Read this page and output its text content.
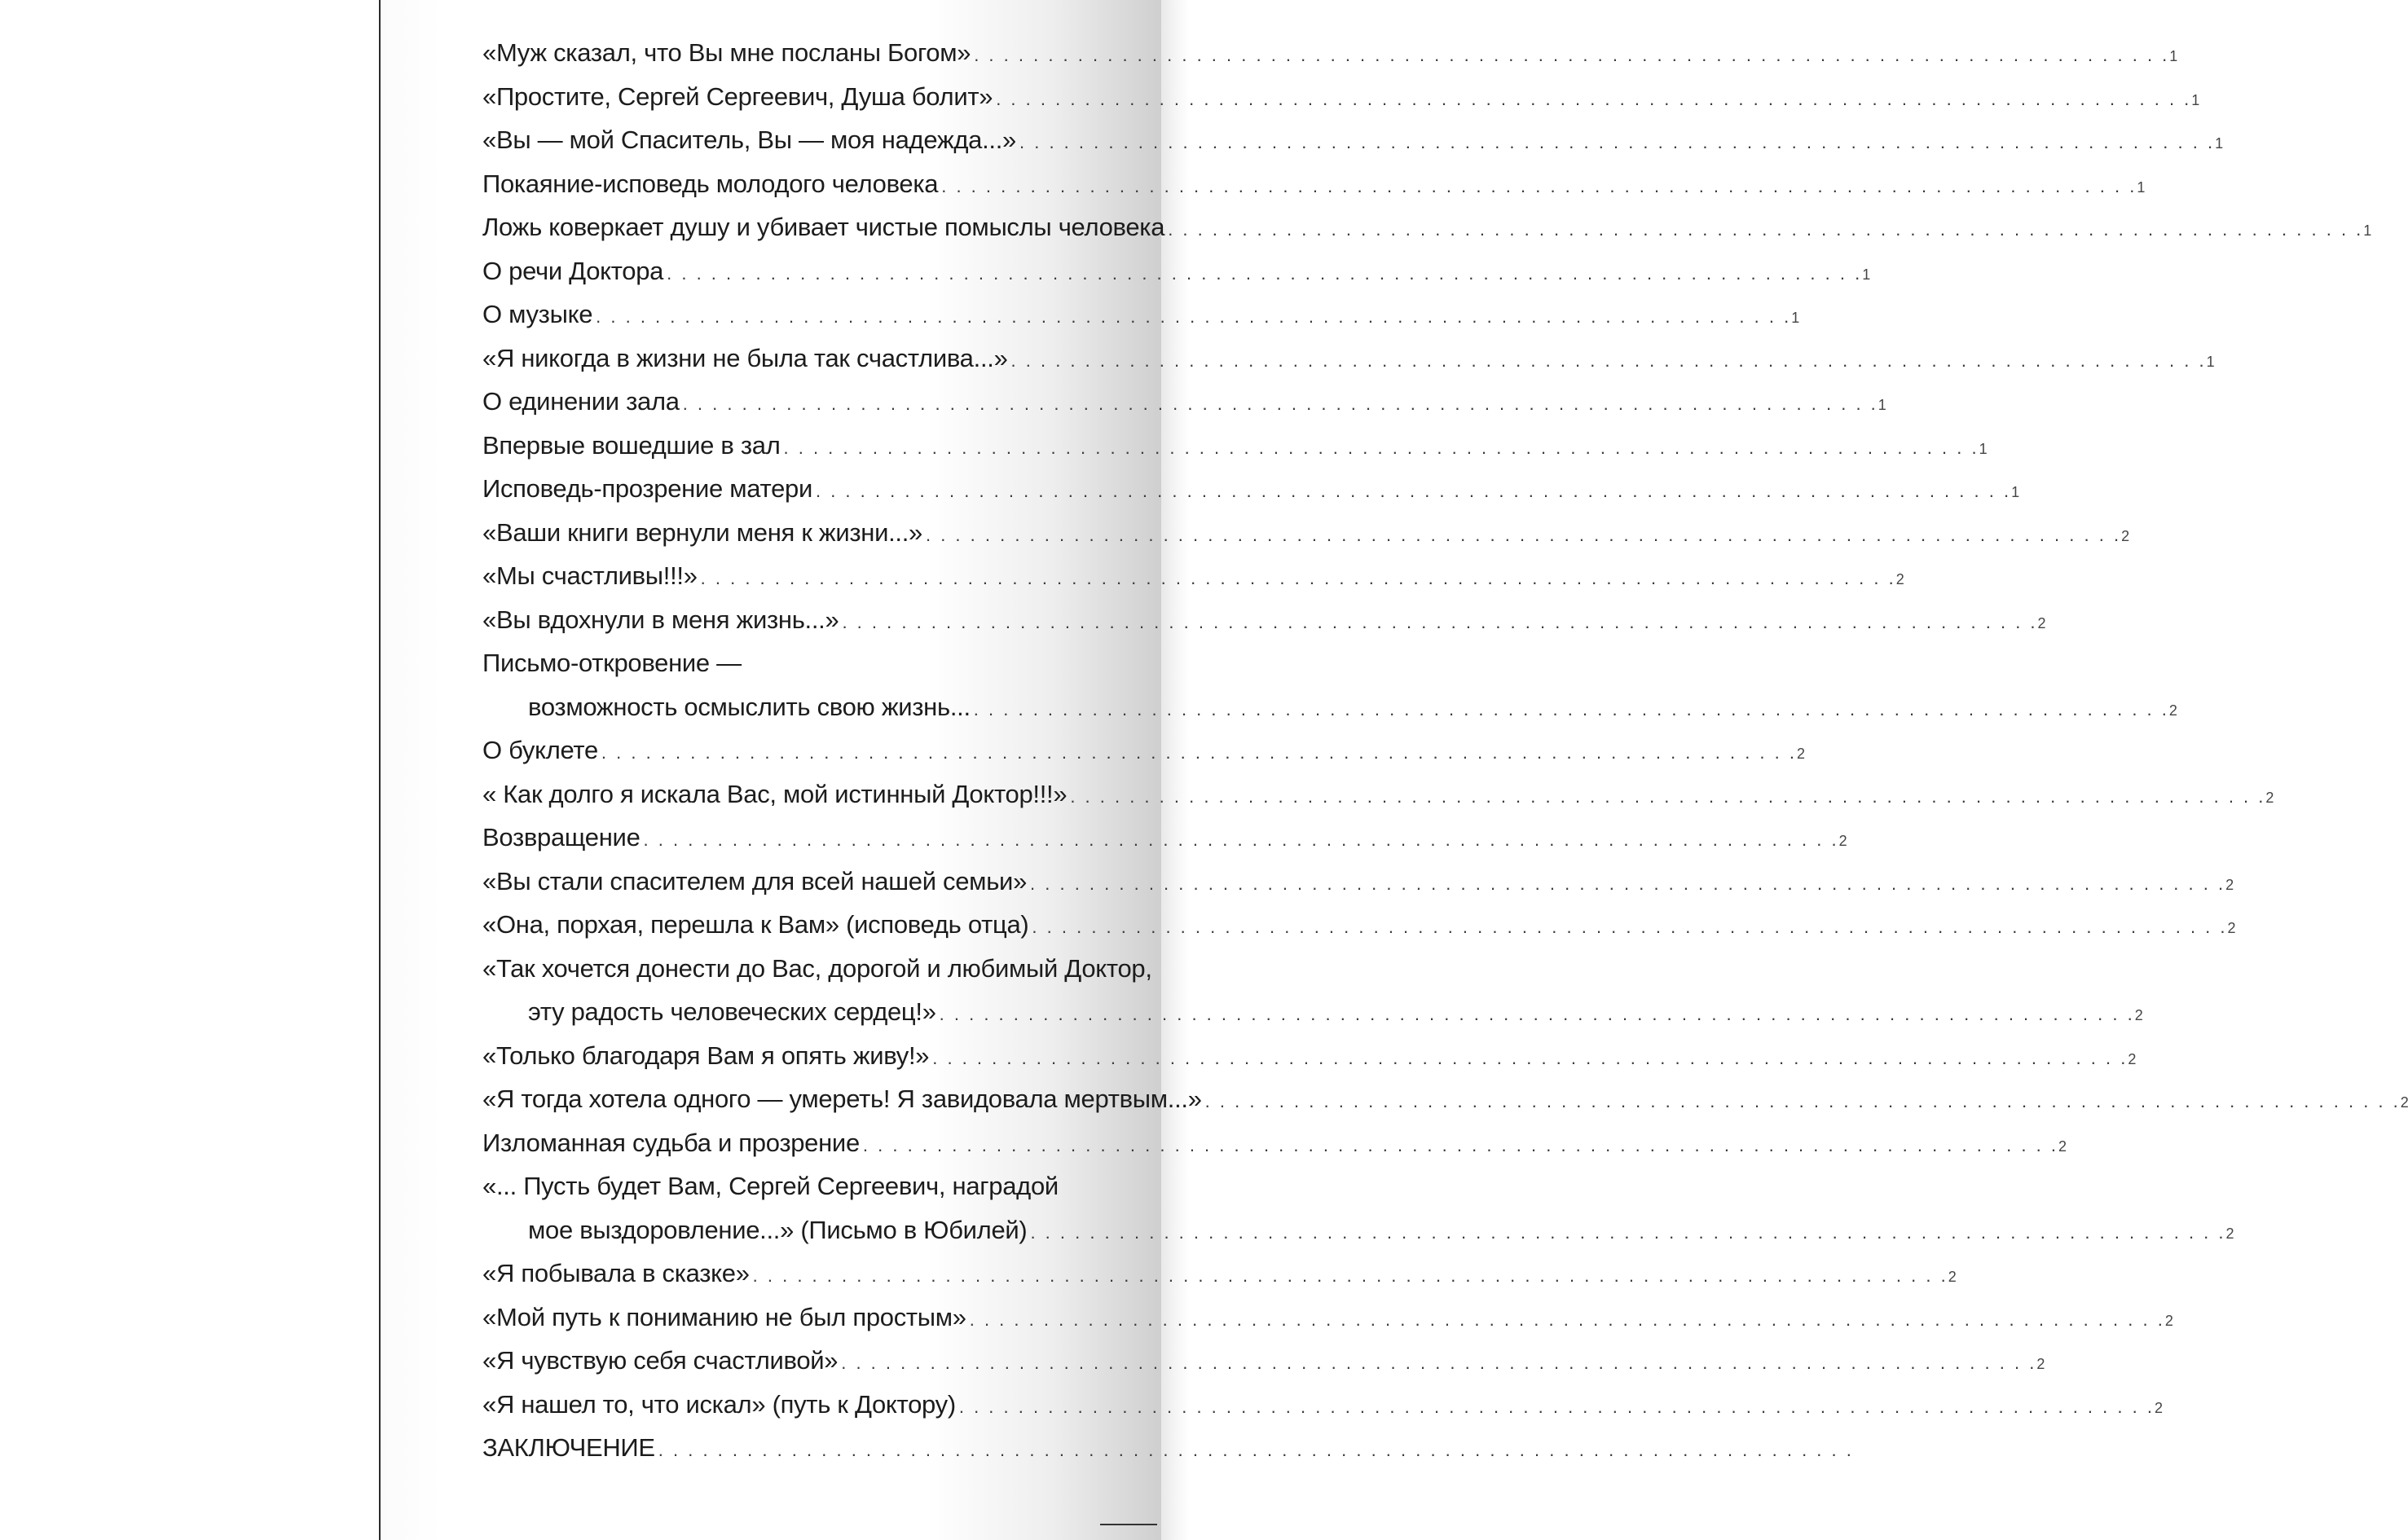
«Муж сказал, что Вы мне посланы Богом» . . .	1
«Простите, Сергей Сергеевич, Душа болит» . . .	1
«Вы — мой Спаситель, Вы — моя надежда...» . . .	1
Покаяние-исповедь молодого человека . . .	1
Ложь коверкает душу и убивает чистые помыслы человека . . .	1
О речи Доктора . . .	1
О музыке . . .	1
«Я никогда в жизни не была так счастлива...» . . .	1
О единении зала . . .	1
Впервые вошедшие в зал . . .	1
Исповедь-прозрение матери . . .	1
«Ваши книги вернули меня к жизни...» . . .	2
«Мы счастливы!!!» . . .	2
«Вы вдохнули в меня жизнь...» . . .	2
Письмо-откровение —
возможность осмыслить свою жизнь... . . .	2
О буклете . . .	2
« Как долго я искала Вас, мой истинный Доктор!!!» . . .	2
Возвращение . . .	2
«Вы стали спасителем для всей нашей семьи» . . .	2
«Она, порхая, перешла к Вам» (исповедь отца) . . .	2
«Так хочется донести до Вас, дорогой и любимый Доктор,
эту радость человеческих сердец!» . . .	2
«Только благодаря Вам я опять живу!» . . .	2
«Я тогда хотела одного — умереть! Я завидовала мертвым...» . . .	2
Изломанная судьба и прозрение . . .	2
«... Пусть будет Вам, Сергей Сергеевич, наградой
мое выздоровление...» (Письмо в Юбилей) . . .	2
«Я побывала в сказке» . . .	2
«Мой путь к пониманию не был простым» . . .	2
«Я чувствую себя счастливой» . . .	2
«Я нашел то, что искал» (путь к Доктору) . . .	2
ЗАКЛЮЧЕНИЕ. . .
